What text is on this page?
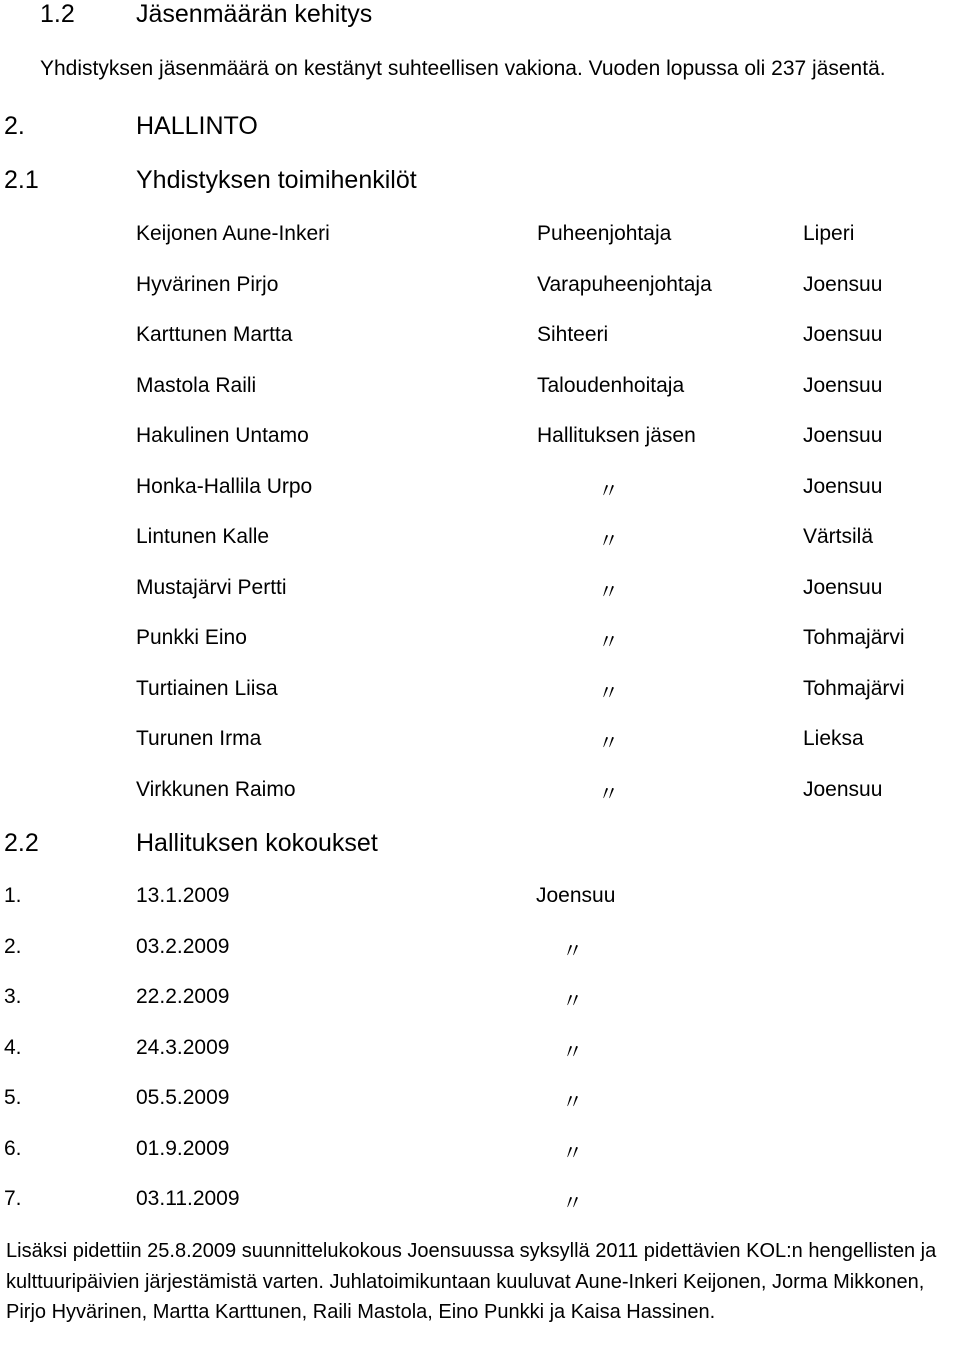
1.2 Jäsenmäärän kehitys
Yhdistyksen jäsenmäärä on kestänyt suhteellisen vakiona. Vuoden lopussa oli 237 jäsentä.
2.	HALLINTO
2.1	Yhdistyksen toimihenkilöt
Keijonen Aune-Inkeri	Puheenjohtaja	Liperi
Hyvärinen Pirjo	Varapuheenjohtaja	Joensuu
Karttunen Martta	Sihteeri	Joensuu
Mastola Raili	Taloudenhoitaja	Joensuu
Hakulinen Untamo	Hallituksen jäsen	Joensuu
Honka-Hallila Urpo	〃	Joensuu
Lintunen Kalle	〃	Värtsilä
Mustajärvi Pertti	〃	Joensuu
Punkki Eino	〃	Tohmajärvi
Turtiainen Liisa	〃	Tohmajärvi
Turunen Irma	〃	Lieksa
Virkkunen Raimo	〃	Joensuu
2.2	Hallituksen kokoukset
1.	13.1.2009	Joensuu
2.	03.2.2009	〃
3.	22.2.2009	〃
4.	24.3.2009	〃
5.	05.5.2009	〃
6.	01.9.2009	〃
7.	03.11.2009	〃
Lisäksi pidettiin 25.8.2009 suunnittelukokous Joensuussa syksyllä 2011 pidettävien KOL:n hengellisten ja kulttuuripäivien järjestämistä varten. Juhlatoimikuntaan kuuluvat Aune-Inkeri Keijonen, Jorma Mikkonen, Pirjo Hyvärinen, Martta Karttunen, Raili Mastola, Eino Punkki ja Kaisa Hassinen.
